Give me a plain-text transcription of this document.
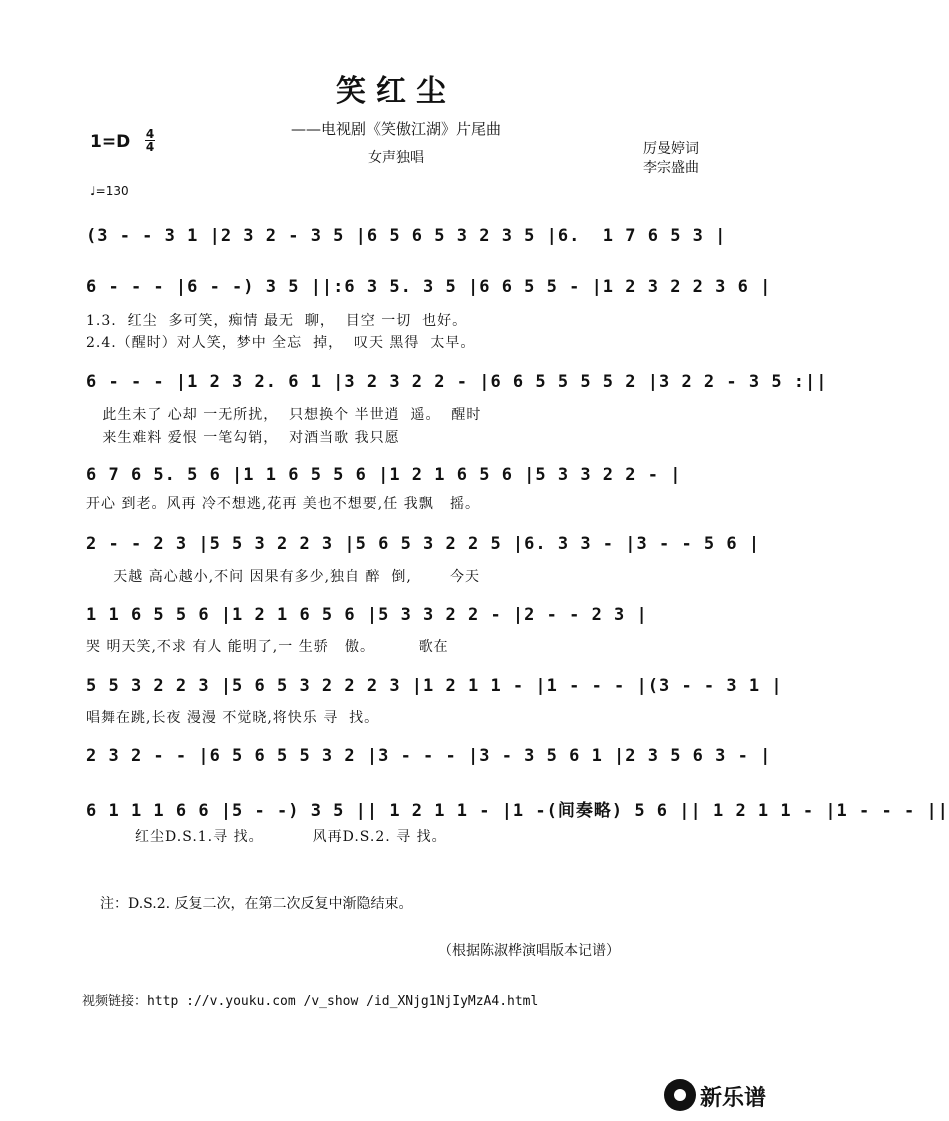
笑红尘
——电视剧《笑傲江湖》片尾曲
1=D 4
4
女声独唱
厉曼婷词
李宗盛曲
♩=130
(3 - - 3 1 |2 3 2 - 3 5 |6 5 6 5 3 2 3 5 |6.  1 7 6 5 3 |
6 - - - |6 - -) 3 5 ||:6 3 5. 3 5 |6 6 5 5 - |1 2 3 2 2 3 6 |
1.3.  红尘  多可笑，痴情 最无  聊，  目空 一切  也好。
2.4.（醒时）对人笑，梦中 全忘  掉，  叹天 黑得  太早。
6 - - - |1 2 3 2. 6 1 |3 2 3 2 2 - |6 6 5 5 5 5 2 |3 2 2 - 3 5 :||
此生未了 心却 一无所扰，  只想换个 半世逍  遥。  醒时
来生难料 爱恨 一笔勾销，  对酒当歌 我只愿
6 7 6 5. 5 6 |1 1 6 5 5 6 |1 2 1 6 5 6 |5 3 3 2 2 - |
开心 到老。风再 冷不想逃,花再 美也不想要,任 我飘   摇。
2 - - 2 3 |5 5 3 2 2 3 |5 6 5 3 2 2 5 |6. 3 3 - |3 - - 5 6 |
天越 高心越小,不问 因果有多少,独自 醉  倒,       今天
1 1 6 5 5 6 |1 2 1 6 5 6 |5 3 3 2 2 - |2 - - 2 3 |
哭 明天笑,不求 有人 能明了,一 生骄   傲。        歌在
5 5 3 2 2 3 |5 6 5 3 2 2 2 3 |1 2 1 1 - |1 - - - |(3 - - 3 1 |
唱舞在跳,长夜 漫漫 不觉晓,将快乐 寻  找。
2 3 2 - - |6 5 6 5 5 3 2 |3 - - - |3 - 3 5 6 1 |2 3 5 6 3 - |
6 1 1 1 6 6 |5 - -) 3 5 || 1 2 1 1 - |1 -(间奏略) 5 6 || 1 2 1 1 - |1 - - - ||
红尘D.S.1.寻 找。         风再D.S.2. 寻 找。
注：D.S.2. 反复二次，在第二次反复中渐隐结束。
（根据陈淑桦演唱版本记谱）
视频链接：http ://v.youku.com /v_show /id_XNjg1NjIyMzA4.html
新乐谱
